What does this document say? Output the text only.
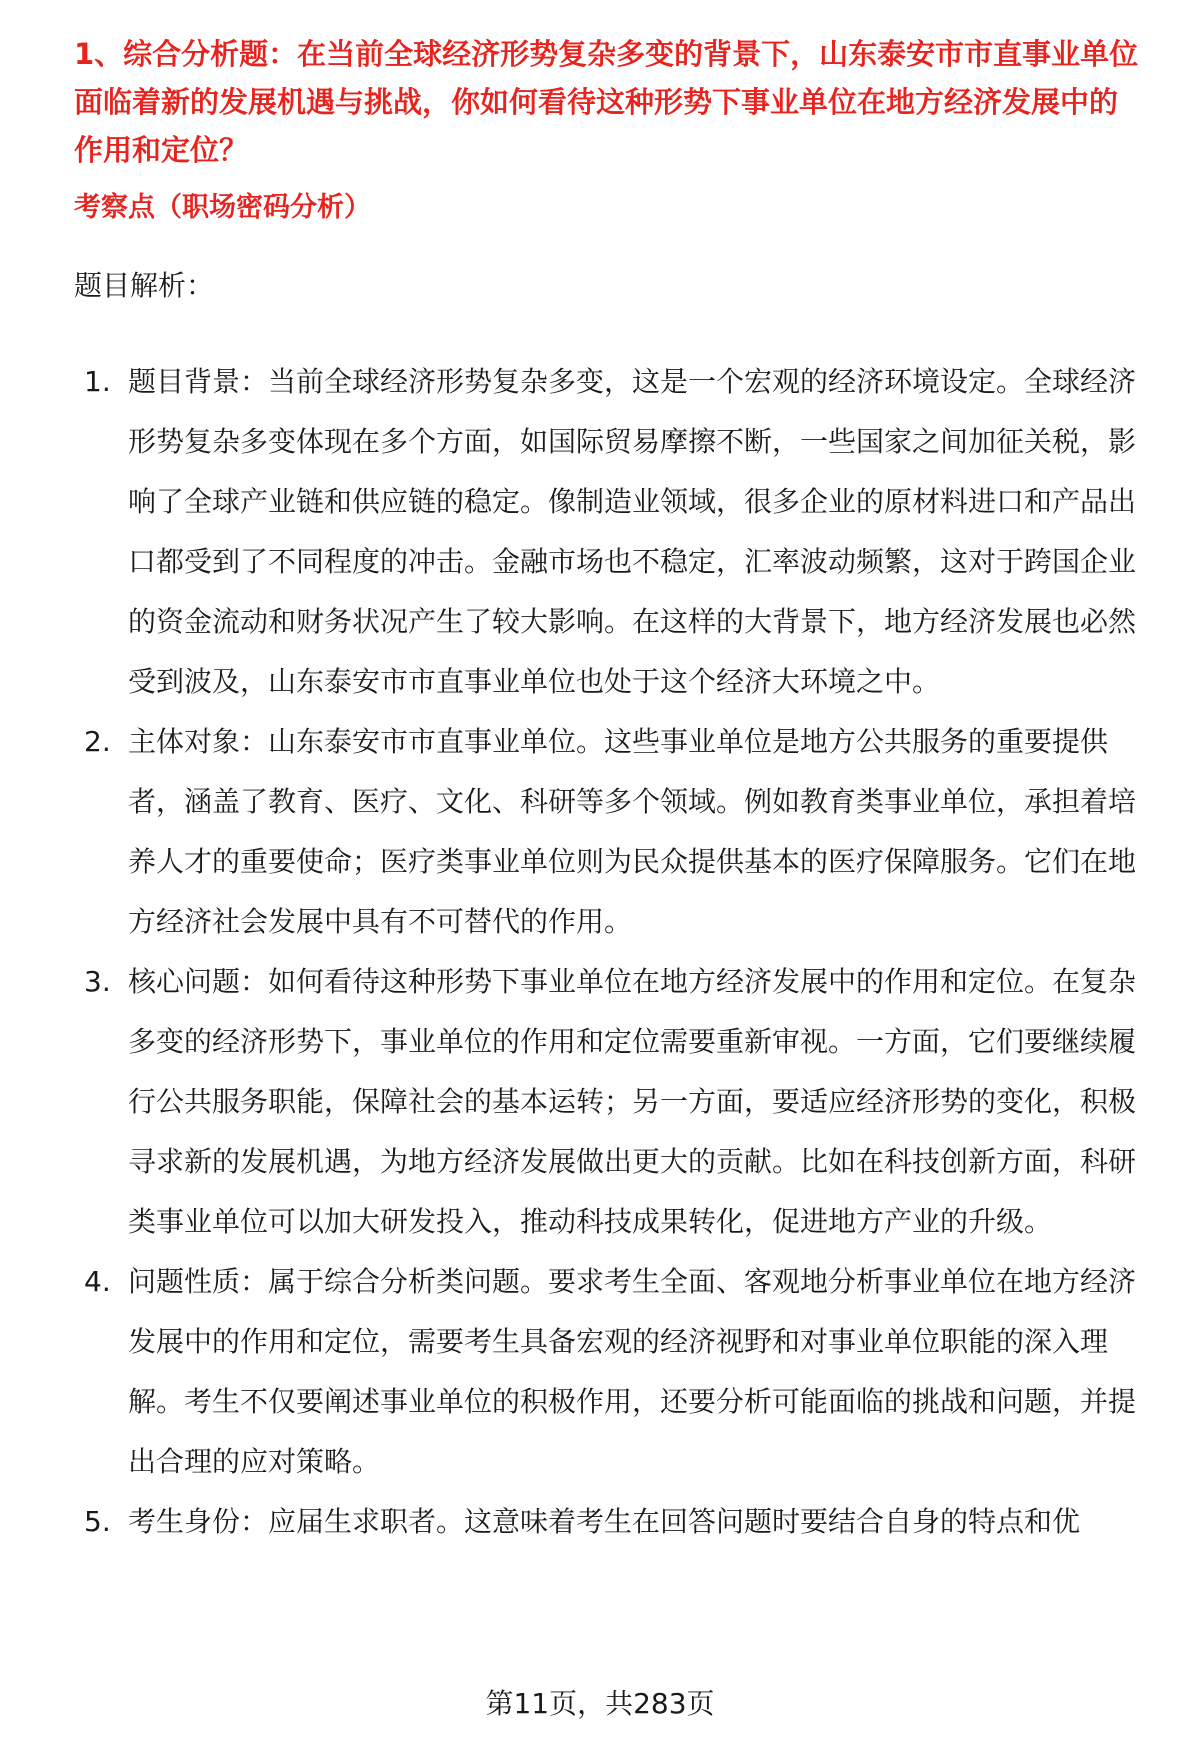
1、综合分析题：在当前全球经济形势复杂多变的背景下，山东泰安市市直事业单位面临着新的发展机遇与挑战，你如何看待这种形势下事业单位在地方经济发展中的作用和定位？

考察点（职场密码分析）

题目解析：

1. 题目背景：当前全球经济形势复杂多变，这是一个宏观的经济环境设定。全球经济形势复杂多变体现在多个方面，如国际贸易摩擦不断，一些国家之间加征关税，影响了全球产业链和供应链的稳定。像制造业领域，很多企业的原材料进口和产品出口都受到了不同程度的冲击。金融市场也不稳定，汇率波动频繁，这对于跨国企业的资金流动和财务状况产生了较大影响。在这样的大背景下，地方经济发展也必然受到波及，山东泰安市市直事业单位也处于这个经济大环境之中。
2. 主体对象：山东泰安市市直事业单位。这些事业单位是地方公共服务的重要提供者，涵盖了教育、医疗、文化、科研等多个领域。例如教育类事业单位，承担着培养人才的重要使命；医疗类事业单位则为民众提供基本的医疗保障服务。它们在地方经济社会发展中具有不可替代的作用。
3. 核心问题：如何看待这种形势下事业单位在地方经济发展中的作用和定位。在复杂多变的经济形势下，事业单位的作用和定位需要重新审视。一方面，它们要继续履行公共服务职能，保障社会的基本运转；另一方面，要适应经济形势的变化，积极寻求新的发展机遇，为地方经济发展做出更大的贡献。比如在科技创新方面，科研类事业单位可以加大研发投入，推动科技成果转化，促进地方产业的升级。
4. 问题性质：属于综合分析类问题。要求考生全面、客观地分析事业单位在地方经济发展中的作用和定位，需要考生具备宏观的经济视野和对事业单位职能的深入理解。考生不仅要阐述事业单位的积极作用，还要分析可能面临的挑战和问题，并提出合理的应对策略。
5. 考生身份：应届生求职者。这意味着考生在回答问题时要结合自身的特点和优

第11页，共283页
